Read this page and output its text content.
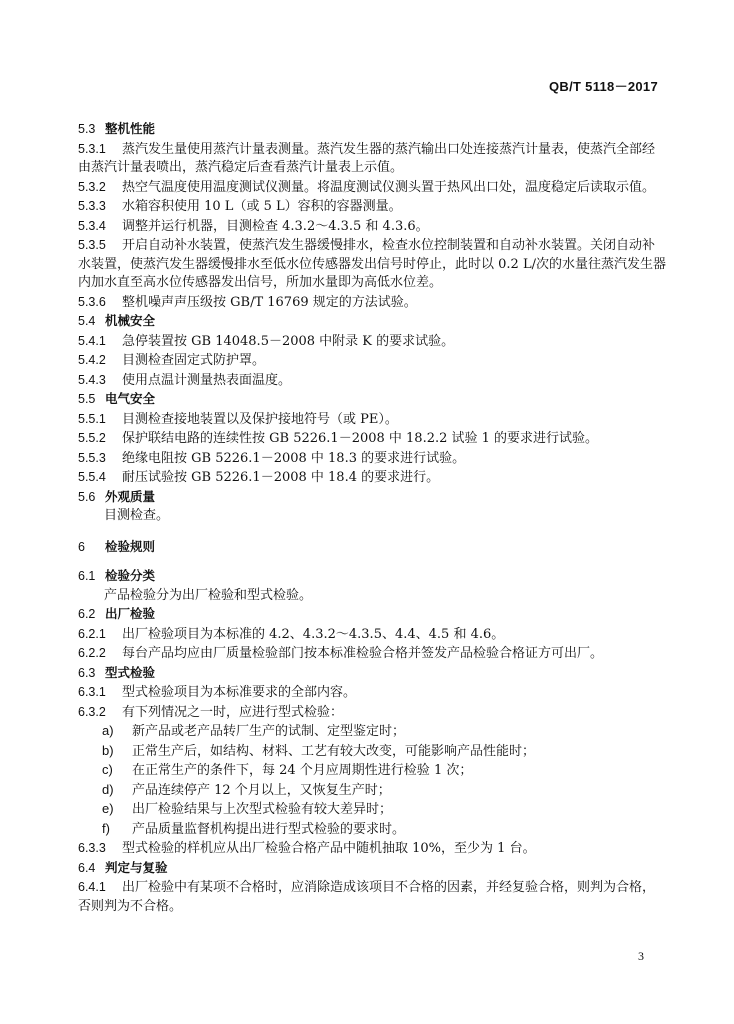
QB/T 5118－2017
5.3 整机性能
5.3.1 蒸汽发生量使用蒸汽计量表测量。蒸汽发生器的蒸汽输出口处连接蒸汽计量表，使蒸汽全部经
由蒸汽计量表喷出，蒸汽稳定后查看蒸汽计量表上示值。
5.3.2 热空气温度使用温度测试仪测量。将温度测试仪测头置于热风出口处，温度稳定后读取示值。
5.3.3 水箱容积使用 10 L（或 5 L）容积的容器测量。
5.3.4 调整并运行机器，目测检查 4.3.2～4.3.5 和 4.3.6。
5.3.5 开启自动补水装置，使蒸汽发生器缓慢排水，检查水位控制装置和自动补水装置。关闭自动补
水装置，使蒸汽发生器缓慢排水至低水位传感器发出信号时停止，此时以 0.2 L/次的水量往蒸汽发生器
内加水直至高水位传感器发出信号，所加水量即为高低水位差。
5.3.6 整机噪声声压级按 GB/T 16769 规定的方法试验。
5.4 机械安全
5.4.1 急停装置按 GB 14048.5－2008 中附录 K 的要求试验。
5.4.2 目测检查固定式防护罩。
5.4.3 使用点温计测量热表面温度。
5.5 电气安全
5.5.1 目测检查接地装置以及保护接地符号（或 PE）。
5.5.2 保护联结电路的连续性按 GB 5226.1－2008 中 18.2.2 试验 1 的要求进行试验。
5.5.3 绝缘电阻按 GB 5226.1－2008 中 18.3 的要求进行试验。
5.5.4 耐压试验按 GB 5226.1－2008 中 18.4 的要求进行。
5.6 外观质量
目测检查。
6 检验规则
6.1 检验分类
产品检验分为出厂检验和型式检验。
6.2 出厂检验
6.2.1 出厂检验项目为本标准的 4.2、4.3.2～4.3.5、4.4、4.5 和 4.6。
6.2.2 每台产品均应由厂质量检验部门按本标准检验合格并签发产品检验合格证方可出厂。
6.3 型式检验
6.3.1 型式检验项目为本标准要求的全部内容。
6.3.2 有下列情况之一时，应进行型式检验：
a) 新产品或老产品转厂生产的试制、定型鉴定时；
b) 正常生产后，如结构、材料、工艺有较大改变，可能影响产品性能时；
c) 在正常生产的条件下，每 24 个月应周期性进行检验 1 次；
d) 产品连续停产 12 个月以上，又恢复生产时；
e) 出厂检验结果与上次型式检验有较大差异时；
f) 产品质量监督机构提出进行型式检验的要求时。
6.3.3 型式检验的样机应从出厂检验合格产品中随机抽取 10%，至少为 1 台。
6.4 判定与复验
6.4.1 出厂检验中有某项不合格时，应消除造成该项目不合格的因素，并经复验合格，则判为合格，
否则判为不合格。
3
